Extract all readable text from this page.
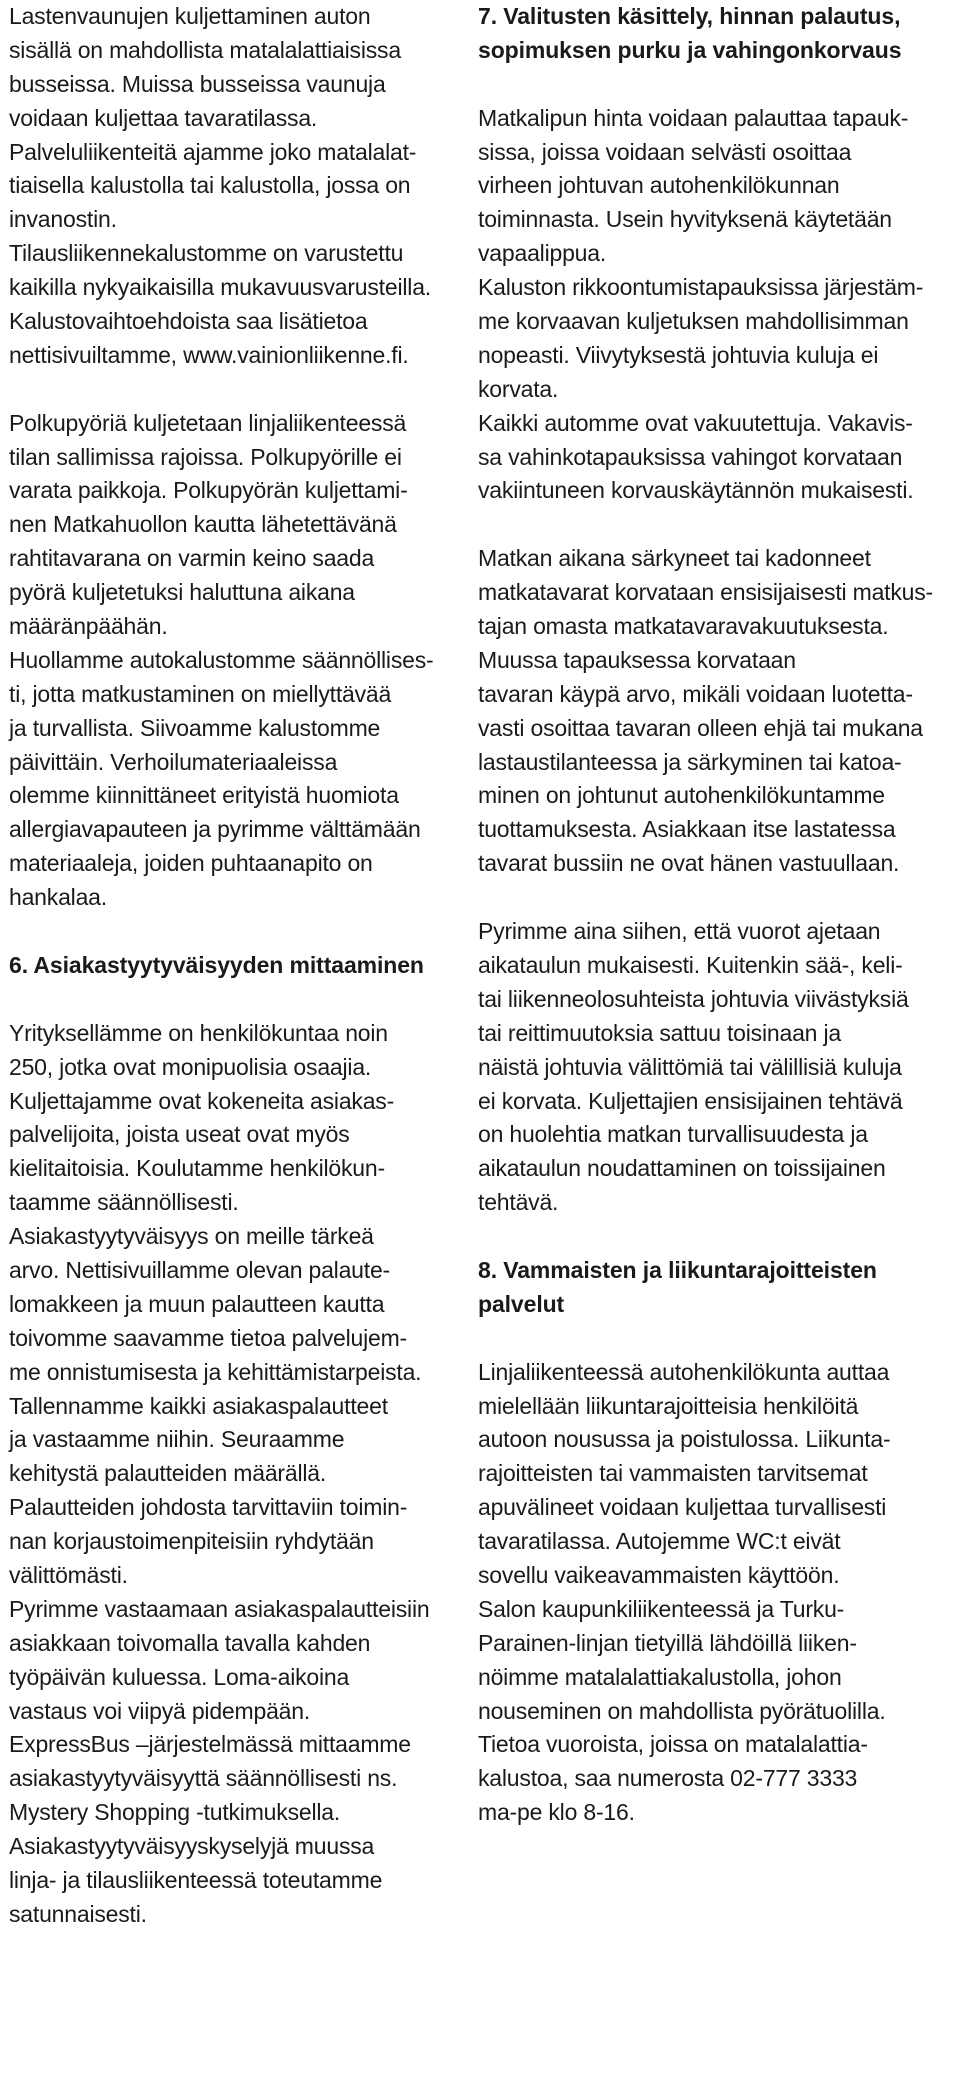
Lastenvaunujen kuljettaminen auton
sisällä on mahdollista matalalattiaisissa
busseissa. Muissa busseissa vaunuja
voidaan kuljettaa tavaratilassa.
Palveluliikenteitä ajamme joko matalalat-
tiaisella kalustolla tai kalustolla, jossa on
invanostin.
Tilausliikennekalustomme on varustettu
kaikilla nykyaikaisilla mukavuusvarusteilla.
Kalustovaihtoehdoista saa lisätietoa
nettisivuiltamme, www.vainionliikenne.fi.
Polkupyöriä kuljetetaan linjaliikenteessä
tilan sallimissa rajoissa. Polkupyörille ei
varata paikkoja. Polkupyörän kuljettami-
nen Matkahuollon kautta lähetettävänä
rahtitavarana on varmin keino saada
pyörä kuljetetuksi haluttuna aikana
määränpäähän.
Huollamme autokalustomme säännöllises-
ti, jotta matkustaminen on miellyttävää
ja turvallista. Siivoamme kalustomme
päivittäin. Verhoilumateriaaleissa
olemme kiinnittäneet erityistä huomiota
allergiavapauteen ja pyrimme välttämään
materiaaleja, joiden puhtaanapito on
hankalaa.
6. Asiakastyytyväisyyden mittaaminen
Yrityksellämme on henkilökuntaa noin
250, jotka ovat monipuolisia osaajia.
Kuljettajamme ovat kokeneita asiakas-
palvelijoita, joista useat ovat myös
kielitaitoisia. Koulutamme henkilökun-
taamme säännöllisesti.
Asiakastyytyväisyys on meille tärkeä
arvo. Nettisivuillamme olevan palaute-
lomakkeen ja muun palautteen kautta
toivomme saavamme tietoa palvelujem-
me onnistumisesta ja kehittämistarpeista.
Tallennamme kaikki asiakaspalautteet
ja vastaamme niihin. Seuraamme
kehitystä palautteiden määrällä.
Palautteiden johdosta tarvittaviin toimin-
nan korjaustoimenpiteisiin ryhdytään
välittömästi.
Pyrimme vastaamaan asiakaspalautteisiin
asiakkaan toivomalla tavalla kahden
työpäivän kuluessa. Loma-aikoina
vastaus voi viipyä pidempään.
ExpressBus –järjestelmässä mittaamme
asiakastyytyväisyyttä säännöllisesti ns.
Mystery Shopping -tutkimuksella.
Asiakastyytyväisyyskyselyjä muussa
linja- ja tilausliikenteessä toteutamme
satunnaisesti.
7. Valitusten käsittely, hinnan palautus,
sopimuksen purku ja vahingonkorvaus
Matkalipun hinta voidaan palauttaa tapauk-
sissa, joissa voidaan selvästi osoittaa
virheen johtuvan autohenkilökunnan
toiminnasta. Usein hyvityksenä käytetään
vapaalippua.
Kaluston rikkoontumistapauksissa järjestäm-
me korvaavan kuljetuksen mahdollisimman
nopeasti. Viivytyksestä johtuvia kuluja ei
korvata.
Kaikki automme ovat vakuutettuja. Vakavis-
sa vahinkotapauksissa vahingot korvataan
vakiintuneen korvauskäytännön mukaisesti.
Matkan aikana särkyneet tai kadonneet
matkatavarat korvataan ensisijaisesti matkus-
tajan omasta matkatavaravakuutuksesta.
Muussa tapauksessa korvataan
tavaran käypä arvo, mikäli voidaan luotetta-
vasti osoittaa tavaran olleen ehjä tai mukana
lastaustilanteessa ja särkyminen tai katoa-
minen on johtunut autohenkilökuntamme
tuottamuksesta. Asiakkaan itse lastatessa
tavarat bussiin ne ovat hänen vastuullaan.
Pyrimme aina siihen, että vuorot ajetaan
aikataulun mukaisesti. Kuitenkin sää-, keli-
tai liikenneolosuhteista johtuvia viivästyksiä
tai reittimuutoksia sattuu toisinaan ja
näistä johtuvia välittömiä tai välillisiä kuluja
ei korvata. Kuljettajien ensisijainen tehtävä
on huolehtia matkan turvallisuudesta ja
aikataulun noudattaminen on toissijainen
tehtävä.
8. Vammaisten ja liikuntarajoitteisten
palvelut
Linjaliikenteessä autohenkilökunta auttaa
mielellään liikuntarajoitteisia henkilöitä
autoon nousussa ja poistulossa. Liikunta-
rajoitteisten tai vammaisten tarvitsemat
apuvälineet voidaan kuljettaa turvallisesti
tavaratilassa. Autojemme WC:t eivät
sovellu vaikeavammaisten käyttöön.
Salon kaupunkiliikenteessä ja Turku-
Parainen-linjan tietyillä lähdöillä liiken-
nöimme matalalattiakalustolla, johon
nouseminen on mahdollista pyörätuolilla.
Tietoa vuoroista, joissa on matalalattia-
kalustoa, saa numerosta 02-777 3333
ma-pe klo 8-16.
